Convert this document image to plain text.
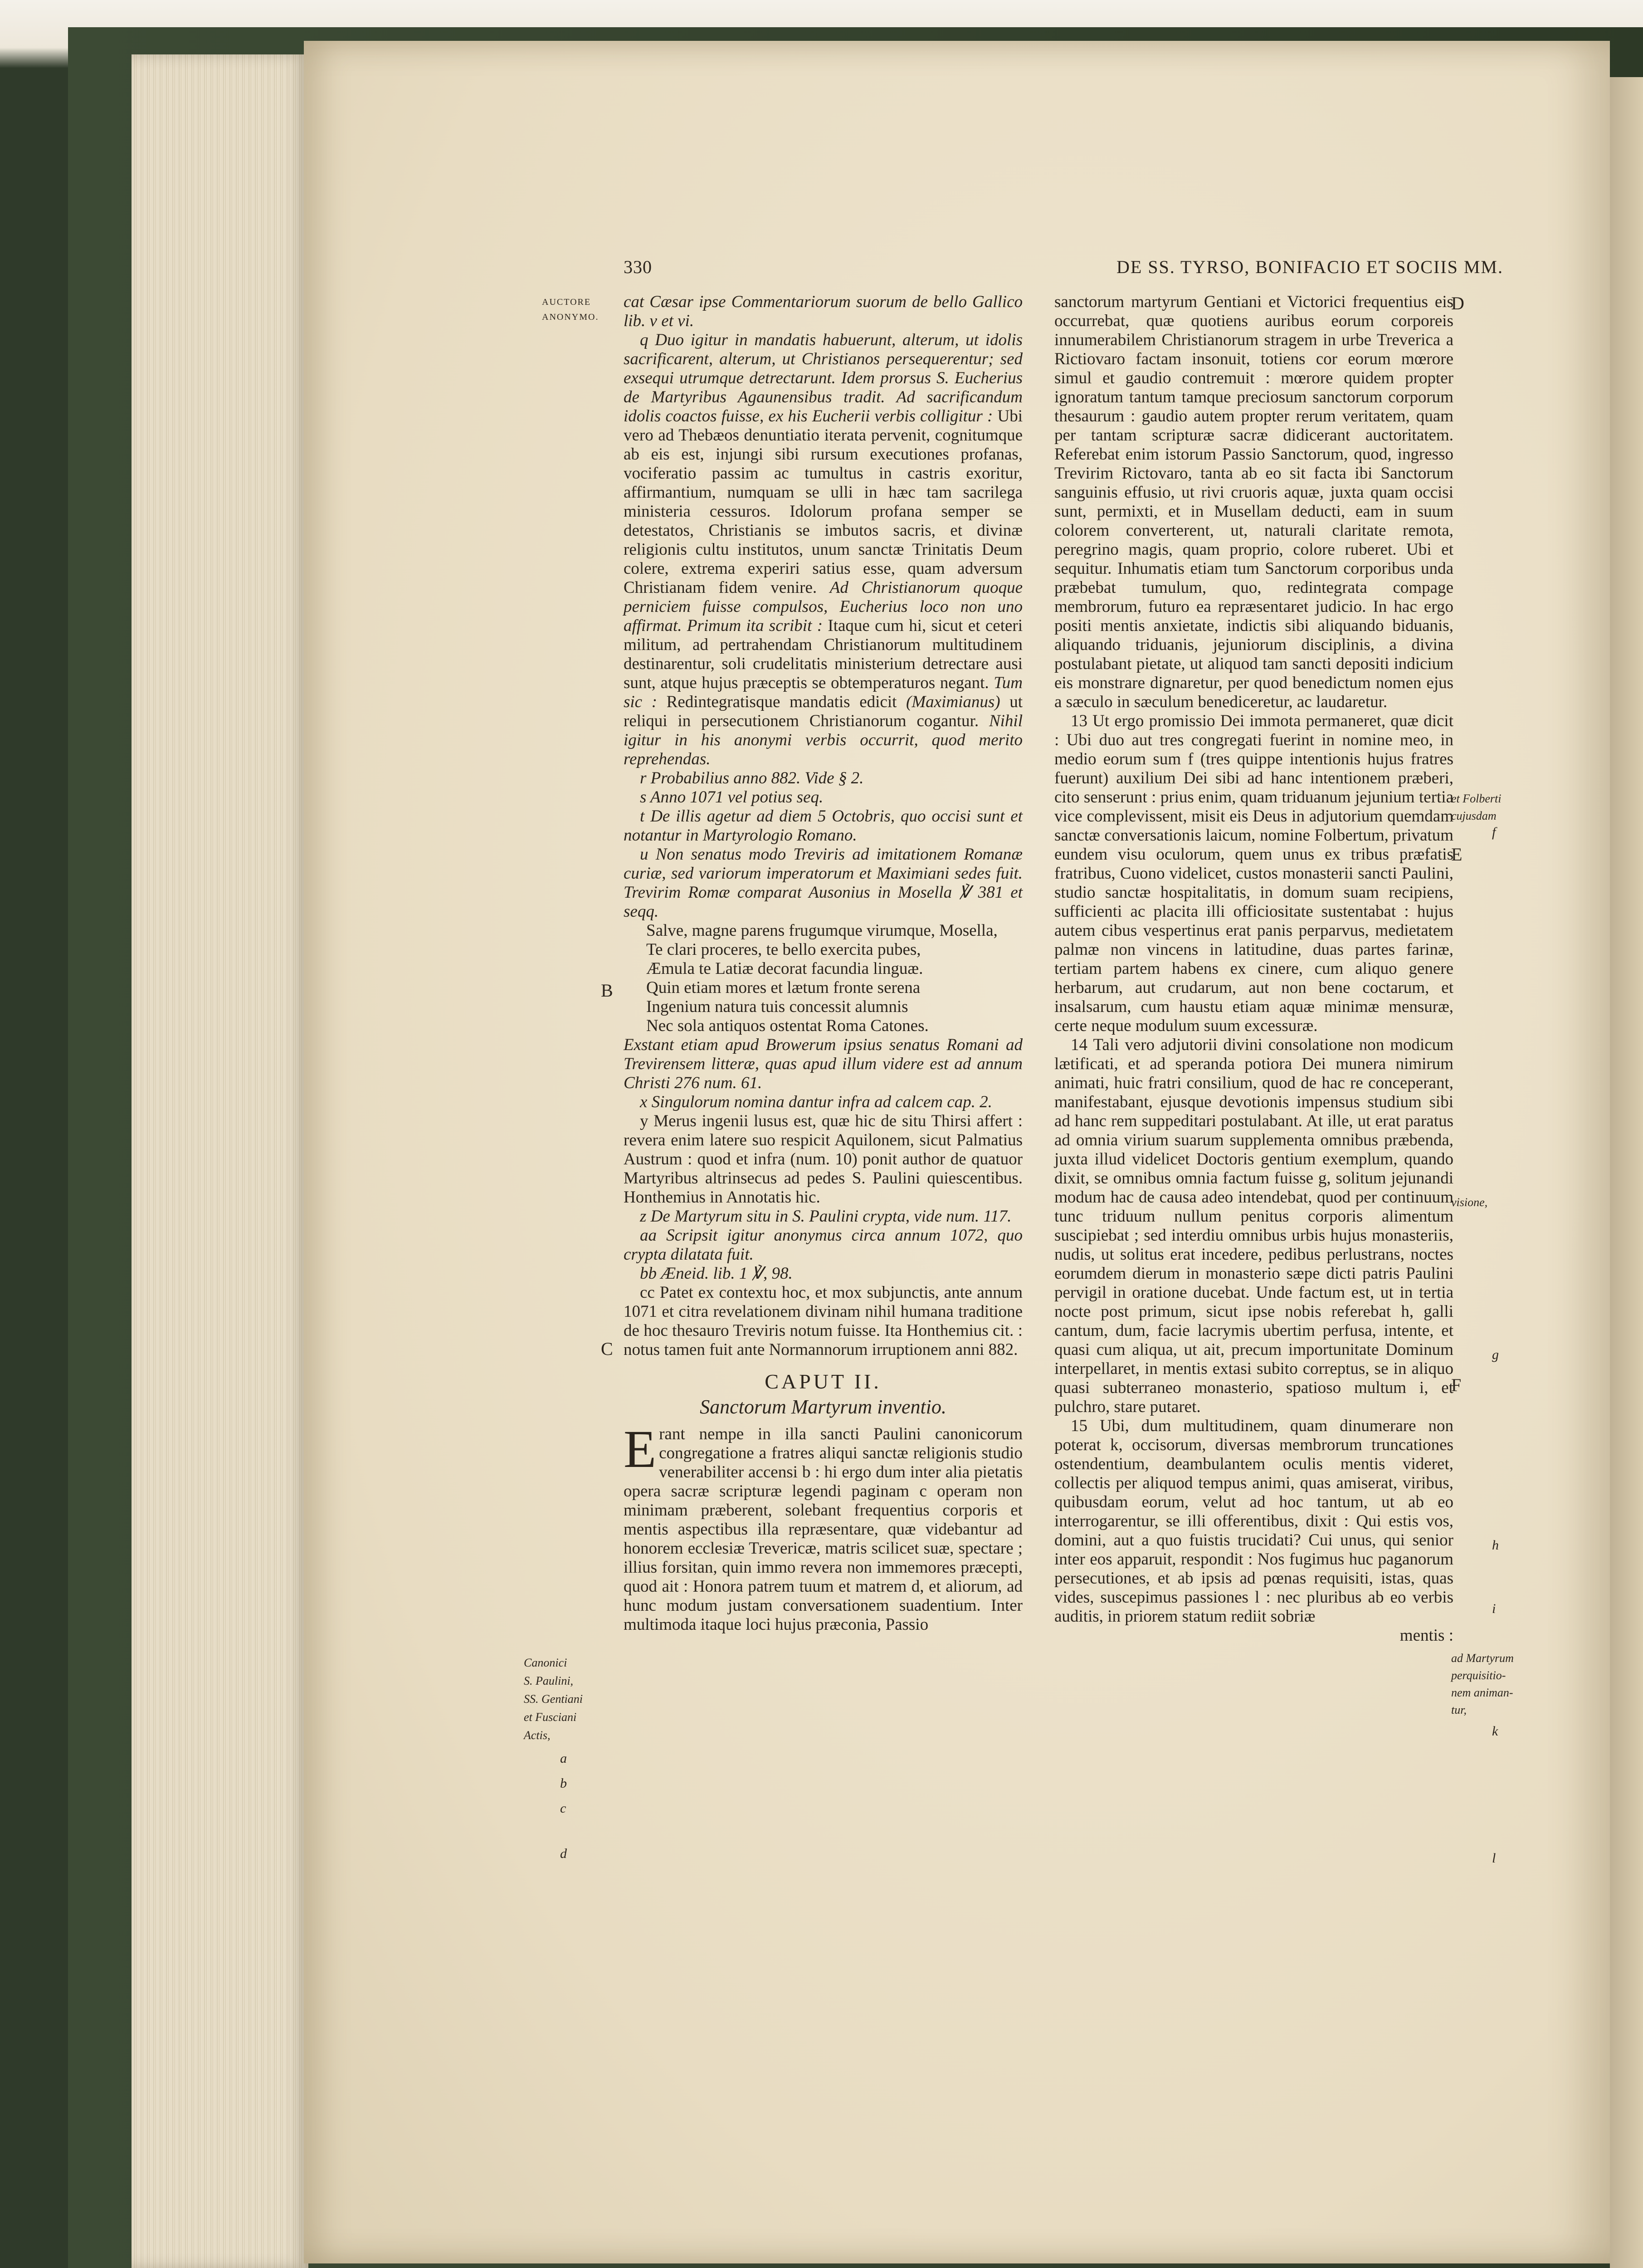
330	DE SS. TYRSO, BONIFACIO ET SOCIIS MM.
AUCTORE
ANONYMO.
B
C
Canonici
S. Paulini,
SS. Gentiani
et Fusciani
Actis,
a
b
c
d
D
E
F
et Folberti
cujusdam
f
visione,
g
h
i
ad Martyrum
perquisitio-
nem animan-
tur,
k
l

cat Cæsar ipse Commentariorum suorum de bello Gallico lib. v et vi.

q Duo igitur in mandatis habuerunt, alterum, ut idolis sacrificarent, alterum, ut Christianos persequerentur; sed exsequi utrumque detrectarunt. Idem prorsus S. Eucherius de Martyribus Agaunensibus tradit. Ad sacrificandum idolis coactos fuisse, ex his Eucherii verbis colligitur : Ubi vero ad Thebæos denuntiatio iterata pervenit, cognitumque ab eis est, injungi sibi rursum executiones profanas, vociferatio passim ac tumultus in castris exoritur, affirmantium, numquam se ulli in hæc tam sacrilega ministeria cessuros. Idolorum profana semper se detestatos, Christianis se imbutos sacris, et divinæ religionis cultu institutos, unum sanctæ Trinitatis Deum colere, extrema experiri satius esse, quam adversum Christianam fidem venire. Ad Christianorum quoque perniciem fuisse compulsos, Eucherius loco non uno affirmat. Primum ita scribit : Itaque cum hi, sicut et ceteri militum, ad pertrahendam Christianorum multitudinem destinarentur, soli crudelitatis ministerium detrectare ausi sunt, atque hujus præceptis se obtemperaturos negant. Tum sic : Redintegratisque mandatis edicit (Maximianus) ut reliqui in persecutionem Christianorum cogantur. Nihil igitur in his anonymi verbis occurrit, quod merito reprehendas.

r Probabilius anno 882. Vide § 2.

s Anno 1071 vel potius seq.

t De illis agetur ad diem 5 Octobris, quo occisi sunt et notantur in Martyrologio Romano.

u Non senatus modo Treviris ad imitationem Romanæ curiæ, sed variorum imperatorum et Maximiani sedes fuit. Trevirim Romæ comparat Ausonius in Mosella ℣ 381 et seqq.

Salve, magne parens frugumque virumque, Mosella,

Te clari proceres, te bello exercita pubes,

Æmula te Latiæ decorat facundia linguæ.

Quin etiam mores et lætum fronte serena

Ingenium natura tuis concessit alumnis

Nec sola antiquos ostentat Roma Catones.

Exstant etiam apud Browerum ipsius senatus Romani ad Trevirensem litteræ, quas apud illum videre est ad annum Christi 276 num. 61.

x Singulorum nomina dantur infra ad calcem cap. 2.

y Merus ingenii lusus est, quæ hic de situ Thirsi affert : revera enim latere suo respicit Aquilonem, sicut Palmatius Austrum : quod et infra (num. 10) ponit author de quatuor Martyribus altrinsecus ad pedes S. Paulini quiescentibus. Honthemius in Annotatis hic.

z De Martyrum situ in S. Paulini crypta, vide num. 117.

aa Scripsit igitur anonymus circa annum 1072, quo crypta dilatata fuit.

bb Æneid. lib. 1 ℣, 98.

cc Patet ex contextu hoc, et mox subjunctis, ante annum 1071 et citra revelationem divinam nihil humana traditione de hoc thesauro Treviris notum fuisse. Ita Honthemius cit. : notus tamen fuit ante Normannorum irruptionem anni 882.

CAPUT II.
Sanctorum Martyrum inventio.

E rant nempe in illa sancti Paulini canonicorum congregatione a fratres aliqui sanctæ religionis studio venerabiliter accensi b : hi ergo dum inter alia pietatis opera sacræ scripturæ legendi paginam c operam non minimam præberent, solebant frequentius corporis et mentis aspectibus illa repræsentare, quæ videbantur ad honorem ecclesiæ Trevericæ, matris scilicet suæ, spectare ; illius forsitan, quin immo revera non immemores præcepti, quod ait : Honora patrem tuum et matrem d, et aliorum, ad hunc modum justam conversationem suadentium. Inter multimoda itaque loci hujus præconia, Passio

sanctorum martyrum Gentiani et Victorici frequentius eis occurrebat, quæ quotiens auribus eorum corporeis innumerabilem Christianorum stragem in urbe Treverica a Rictiovaro factam insonuit, totiens cor eorum mœrore simul et gaudio contremuit : mœrore quidem propter ignoratum tantum tamque preciosum sanctorum corporum thesaurum : gaudio autem propter rerum veritatem, quam per tantam scripturæ sacræ didicerant auctoritatem. Referebat enim istorum Passio Sanctorum, quod, ingresso Trevirim Rictovaro, tanta ab eo sit facta ibi Sanctorum sanguinis effusio, ut rivi cruoris aquæ, juxta quam occisi sunt, permixti, et in Musellam deducti, eam in suum colorem converterent, ut, naturali claritate remota, peregrino magis, quam proprio, colore ruberet. Ubi et sequitur. Inhumatis etiam tum Sanctorum corporibus unda præbebat tumulum, quo, redintegrata compage membrorum, futuro ea repræsentaret judicio. In hac ergo positi mentis anxietate, indictis sibi aliquando biduanis, aliquando triduanis, jejuniorum disciplinis, a divina postulabant pietate, ut aliquod tam sancti depositi indicium eis monstrare dignaretur, per quod benedictum nomen ejus a sæculo in sæculum benediceretur, ac laudaretur.

13 Ut ergo promissio Dei immota permaneret, quæ dicit : Ubi duo aut tres congregati fuerint in nomine meo, in medio eorum sum f (tres quippe intentionis hujus fratres fuerunt) auxilium Dei sibi ad hanc intentionem præberi, cito senserunt : prius enim, quam triduanum jejunium tertia vice complevissent, misit eis Deus in adjutorium quemdam sanctæ conversationis laicum, nomine Folbertum, privatum eundem visu oculorum, quem unus ex tribus præfatis fratribus, Cuono videlicet, custos monasterii sancti Paulini, studio sanctæ hospitalitatis, in domum suam recipiens, sufficienti ac placita illi officiositate sustentabat : hujus autem cibus vespertinus erat panis perparvus, medietatem palmæ non vincens in latitudine, duas partes farinæ, tertiam partem habens ex cinere, cum aliquo genere herbarum, aut crudarum, aut non bene coctarum, et insalsarum, cum haustu etiam aquæ minimæ mensuræ, certe neque modulum suum excessuræ.

14 Tali vero adjutorii divini consolatione non modicum lætificati, et ad speranda potiora Dei munera nimirum animati, huic fratri consilium, quod de hac re conceperant, manifestabant, ejusque devotionis impensus studium sibi ad hanc rem suppeditari postulabant. At ille, ut erat paratus ad omnia virium suarum supplementa omnibus præbenda, juxta illud videlicet Doctoris gentium exemplum, quando dixit, se omnibus omnia factum fuisse g, solitum jejunandi modum hac de causa adeo intendebat, quod per continuum tunc triduum nullum penitus corporis alimentum suscipiebat ; sed interdiu omnibus urbis hujus monasteriis, nudis, ut solitus erat incedere, pedibus perlustrans, noctes eorumdem dierum in monasterio sæpe dicti patris Paulini pervigil in oratione ducebat. Unde factum est, ut in tertia nocte post primum, sicut ipse nobis referebat h, galli cantum, dum, facie lacrymis ubertim perfusa, intente, et quasi cum aliqua, ut ait, precum importunitate Dominum interpellaret, in mentis extasi subito correptus, se in aliquo quasi subterraneo monasterio, spatioso multum i, et pulchro, stare putaret.

15 Ubi, dum multitudinem, quam dinumerare non poterat k, occisorum, diversas membrorum truncationes ostendentium, deambulantem oculis mentis videret, collectis per aliquod tempus animi, quas amiserat, viribus, quibusdam eorum, velut ad hoc tantum, ut ab eo interrogarentur, se illi offerentibus, dixit : Qui estis vos, domini, aut a quo fuistis trucidati? Cui unus, qui senior inter eos apparuit, respondit : Nos fugimus huc paganorum persecutiones, et ab ipsis ad pœnas requisiti, istas, quas vides, suscepimus passiones l : nec pluribus ab eo verbis auditis, in priorem statum rediit sobriæ

mentis :
